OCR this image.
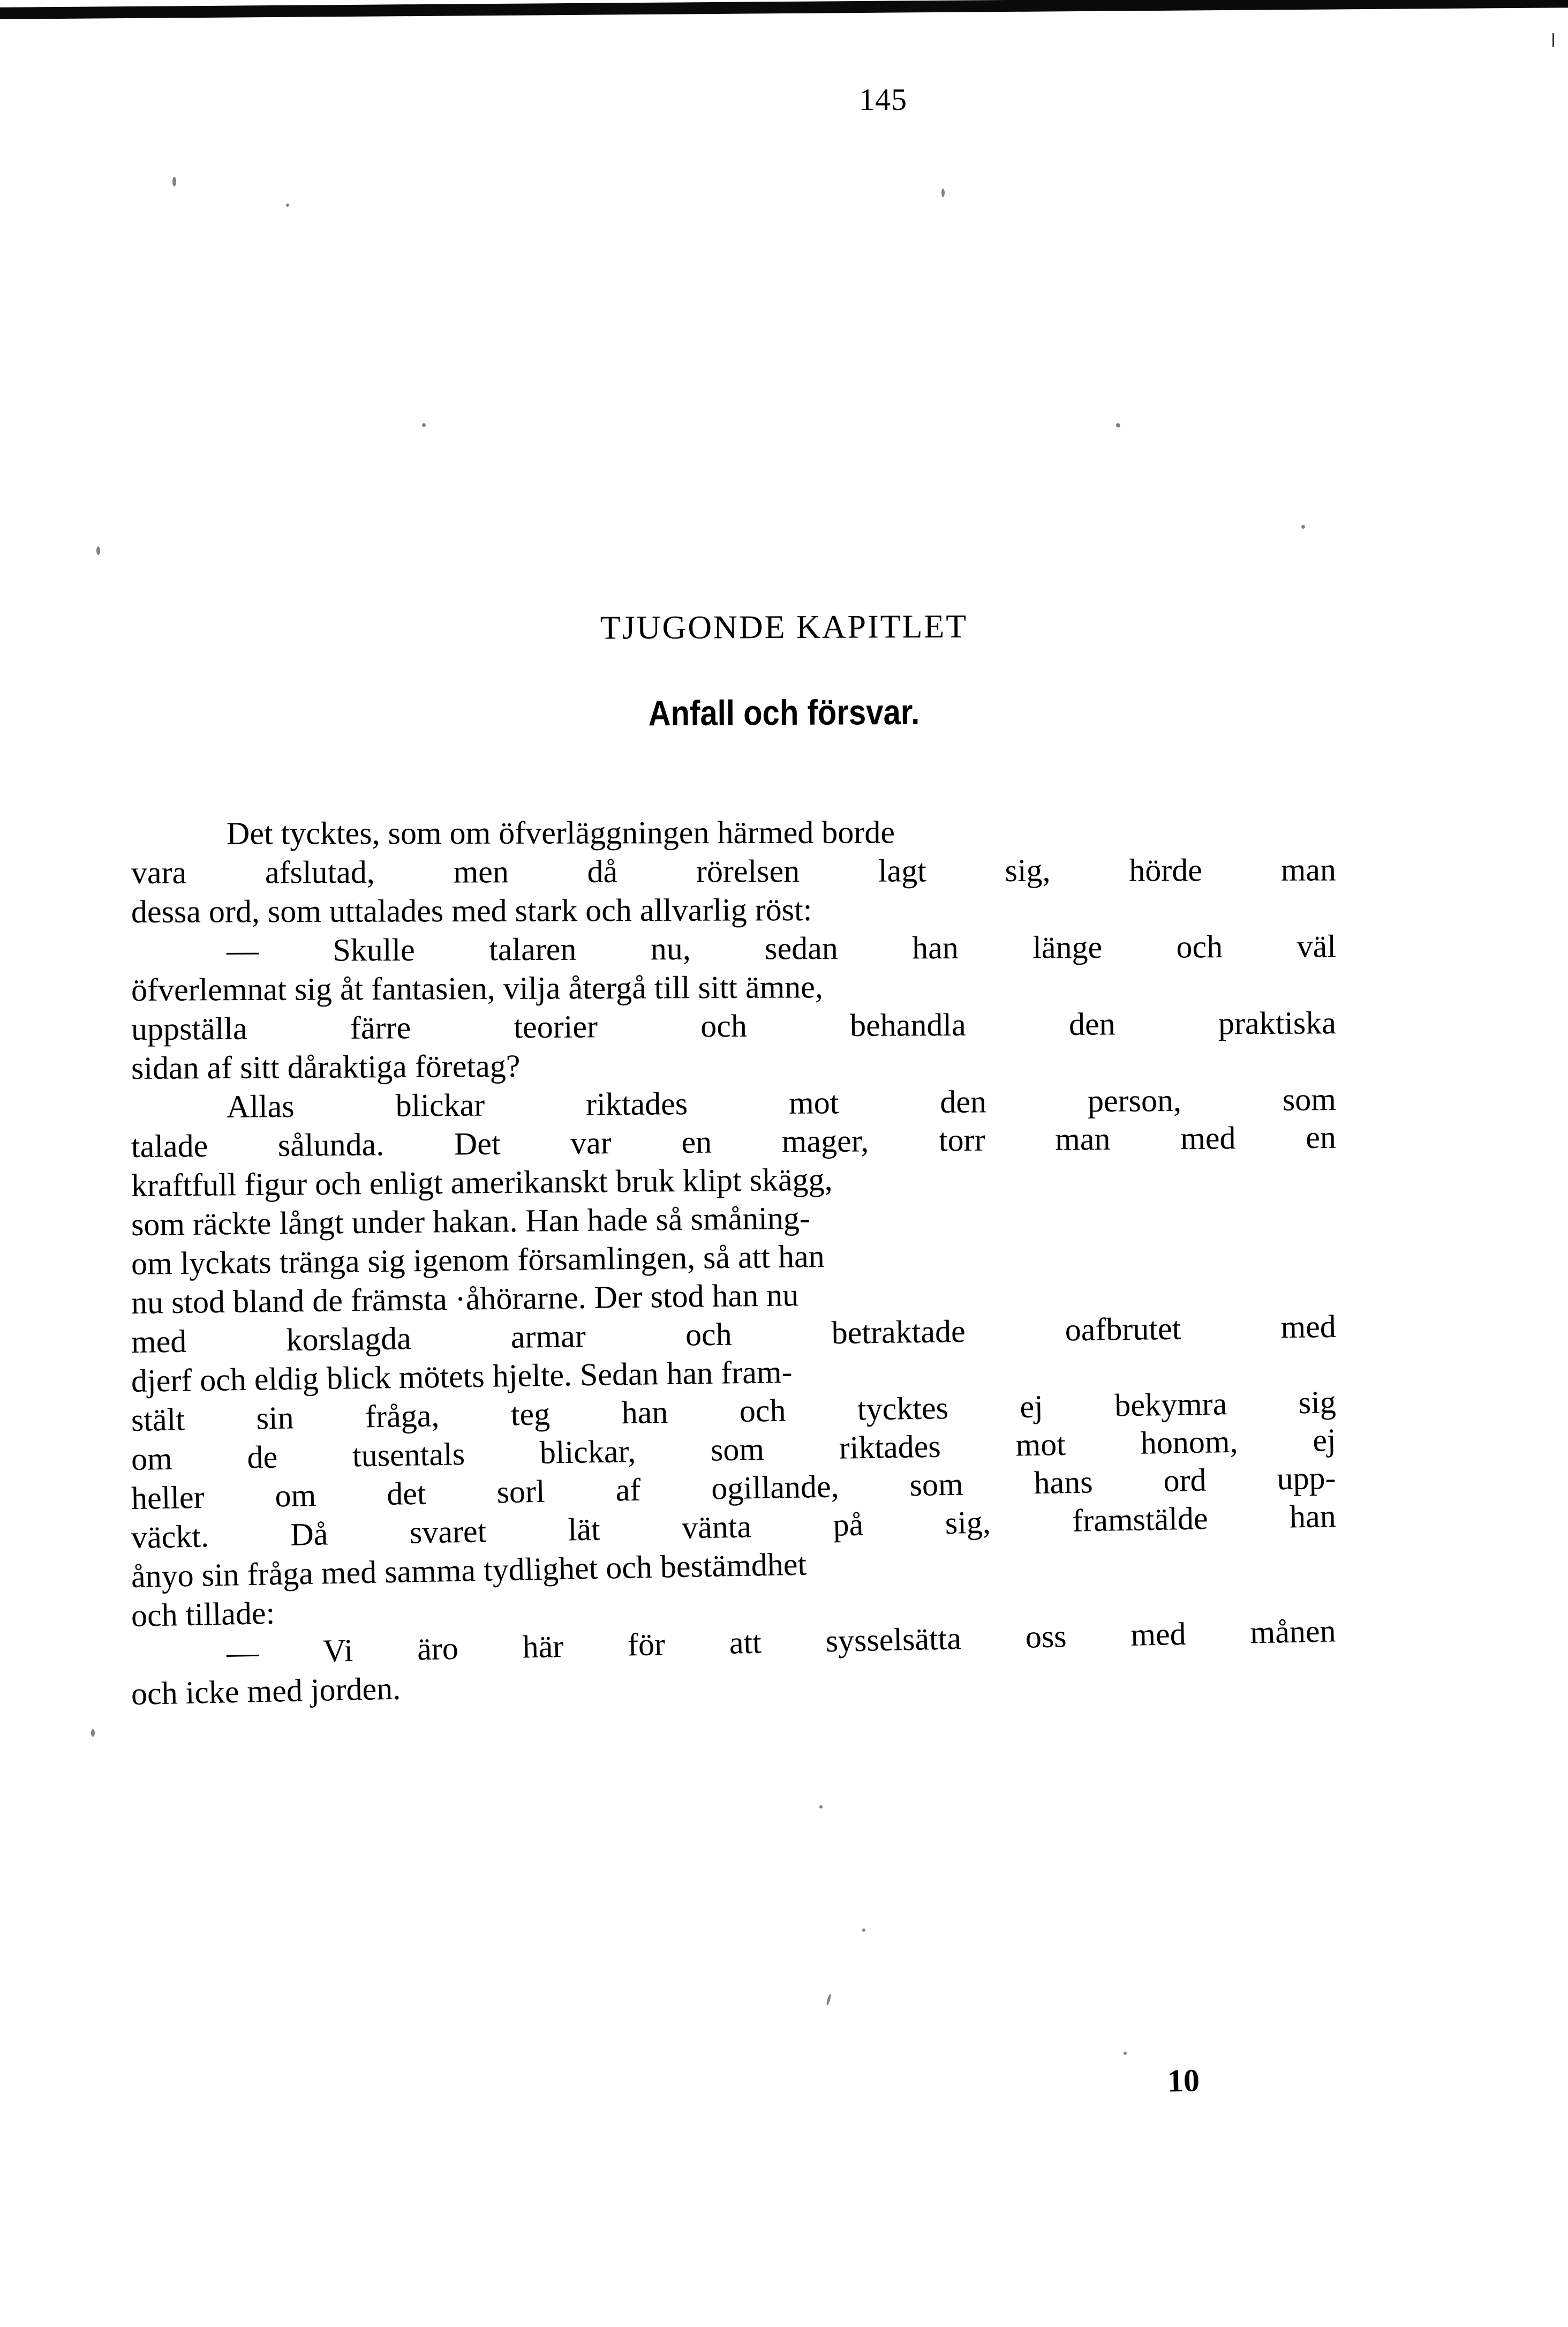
145
TJUGONDE KAPITLET
Anfall och försvar.
Det tycktes, som om öfverläggningen härmed borde
vara afslutad, men då rörelsen lagt sig, hörde man
dessa ord, som uttalades med stark och allvarlig röst:
— Skulle talaren nu, sedan han länge och väl
öfverlemnat sig åt fantasien, vilja återgå till sitt ämne,
uppställa	färre	teorier	och	behandla	den	praktiska
sidan af sitt dåraktiga företag?
Allas	blickar	riktades	mot	den	person,	som
talade sålunda. Det var en mager, torr man med en
kraftfull figur och enligt amerikanskt bruk klipt skägg,
som räckte långt under hakan. Han hade så småning-
om lyckats tränga sig igenom församlingen, så att han
nu stod bland de främsta ·åhörarne. Der stod han nu
med	korslagda	armar	och	betraktade	oafbrutet	med
djerf och eldig blick mötets hjelte. Sedan han fram-
stält sin fråga, teg han och tycktes ej bekymra sig
om de tusentals blickar, som riktades mot honom, ej
heller om det sorl af ogillande, som hans ord upp-
väckt.	Då	svaret	lät	vänta	på	sig,	framstälde	han
ånyo sin fråga med samma tydlighet och bestämdhet
och tillade:
— Vi äro här för att sysselsätta oss med månen
och icke med jorden.
10
